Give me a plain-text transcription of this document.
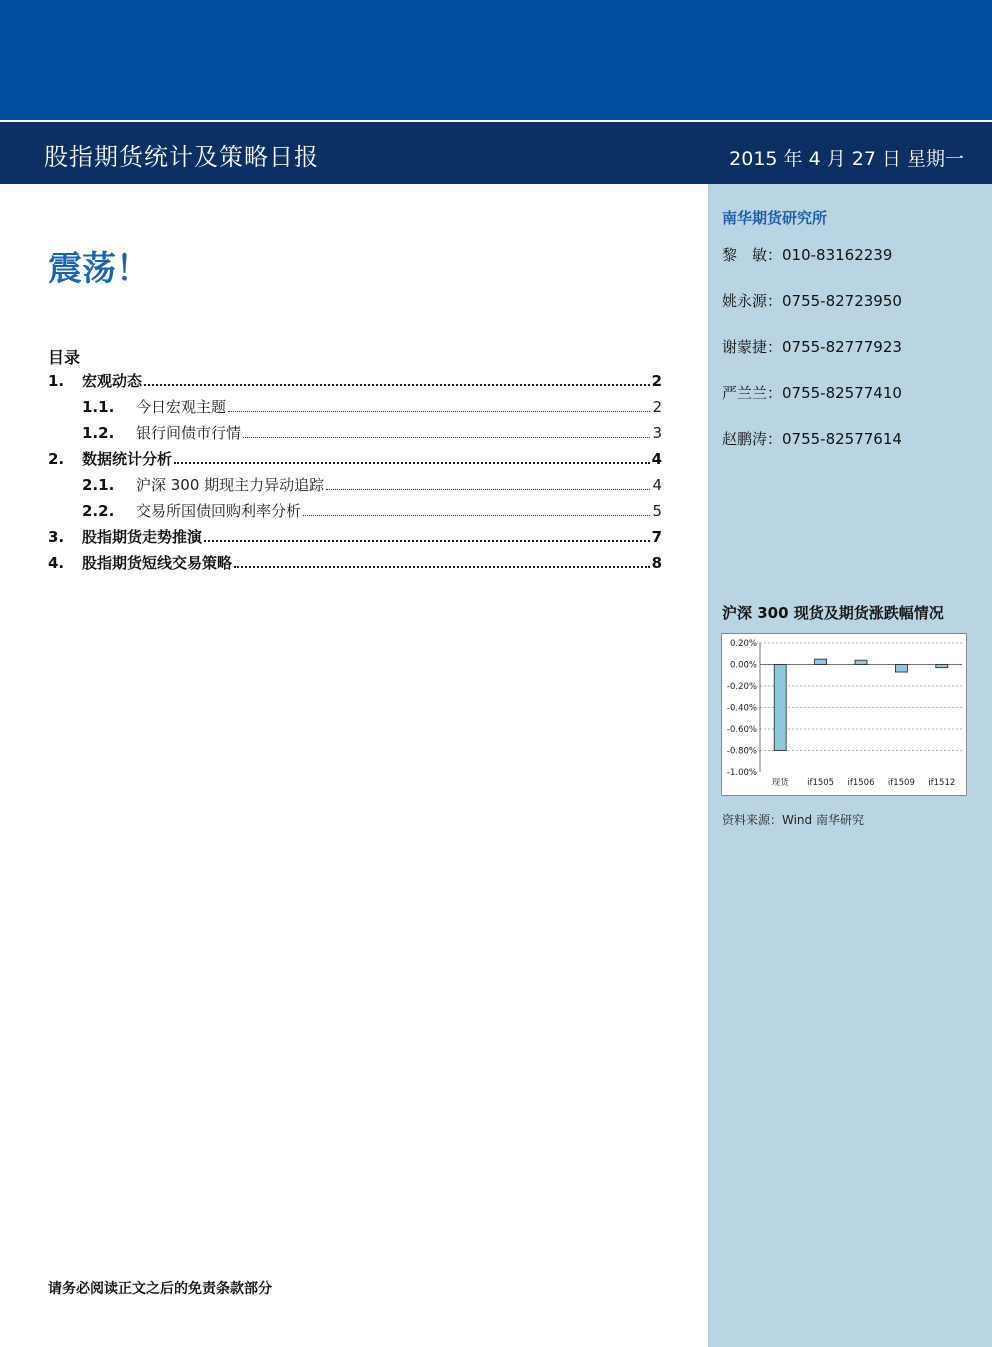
股指期货统计及策略日报	2015 年 4 月 27 日 星期一
南华期货研究所
黎　敏：010-83162239
姚永源：0755-82723950
谢蒙捷：0755-82777923
严兰兰：0755-82577410
赵鹏涛：0755-82577614
震荡！
目录
1.	宏观动态	2
1.1.	今日宏观主题	2
1.2.	银行间债市行情	3
2.	数据统计分析	4
2.1.	沪深 300 期现主力异动追踪	4
2.2.	交易所国债回购利率分析	5
3.	股指期货走势推演	7
4.	股指期货短线交易策略	8
沪深 300 现货及期货涨跌幅情况
0.20%
0.00%
-0.20%
-0.40%
-0.60%
-0.80%
-1.00%
现货 if1505 if1506 if1509 if1512
资料来源：Wind 南华研究
请务必阅读正文之后的免责条款部分
